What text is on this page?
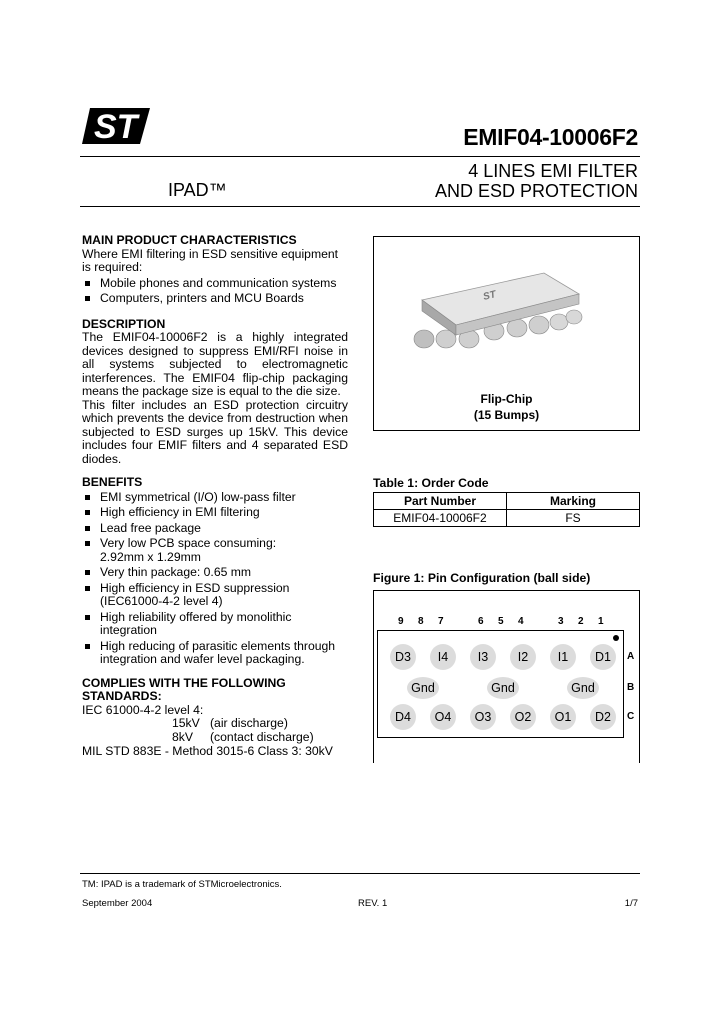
ST	EMIF04-10006F2
4 LINES EMI FILTER
AND ESD PROTECTION
IPAD™
MAIN PRODUCT CHARACTERISTICS
Where EMI filtering in ESD sensitive equipment is required:
Mobile phones and communication systems
Computers, printers and MCU Boards
DESCRIPTION
The EMIF04-10006F2 is a highly integrated devices designed to suppress EMI/RFI noise in all systems subjected to electromagnetic interferences. The EMIF04 flip-chip packaging means the package size is equal to the die size.
This filter includes an ESD protection circuitry which prevents the device from destruction when subjected to ESD surges up 15kV. This device includes four EMIF filters and 4 separated ESD diodes.
BENEFITS
EMI symmetrical (I/O) low-pass filter
High efficiency in EMI filtering
Lead free package
Very low PCB space consuming: 2.92mm x 1.29mm
Very thin package: 0.65 mm
High efficiency in ESD suppression (IEC61000-4-2 level 4)
High reliability offered by monolithic integration
High reducing of parasitic elements through integration and wafer level packaging.
COMPLIES WITH THE FOLLOWING STANDARDS:
IEC 61000-4-2 level 4:
15kV (air discharge)
8kV (contact discharge)
MIL STD 883E - Method 3015-6 Class 3: 30kV
ST
Flip-Chip
(15 Bumps)
Table 1: Order Code
Part Number	Marking
EMIF04-10006F2	FS
Figure 1: Pin Configuration (ball side)
9 8 7	6 5 4	3 2 1
D3	I4	I3	I2	I1	D1
Gnd	Gnd	Gnd
D4	O4	O3	O2	O1	D2
A
B
C
TM: IPAD is a trademark of STMicroelectronics.
September 2004	REV. 1	1/7
